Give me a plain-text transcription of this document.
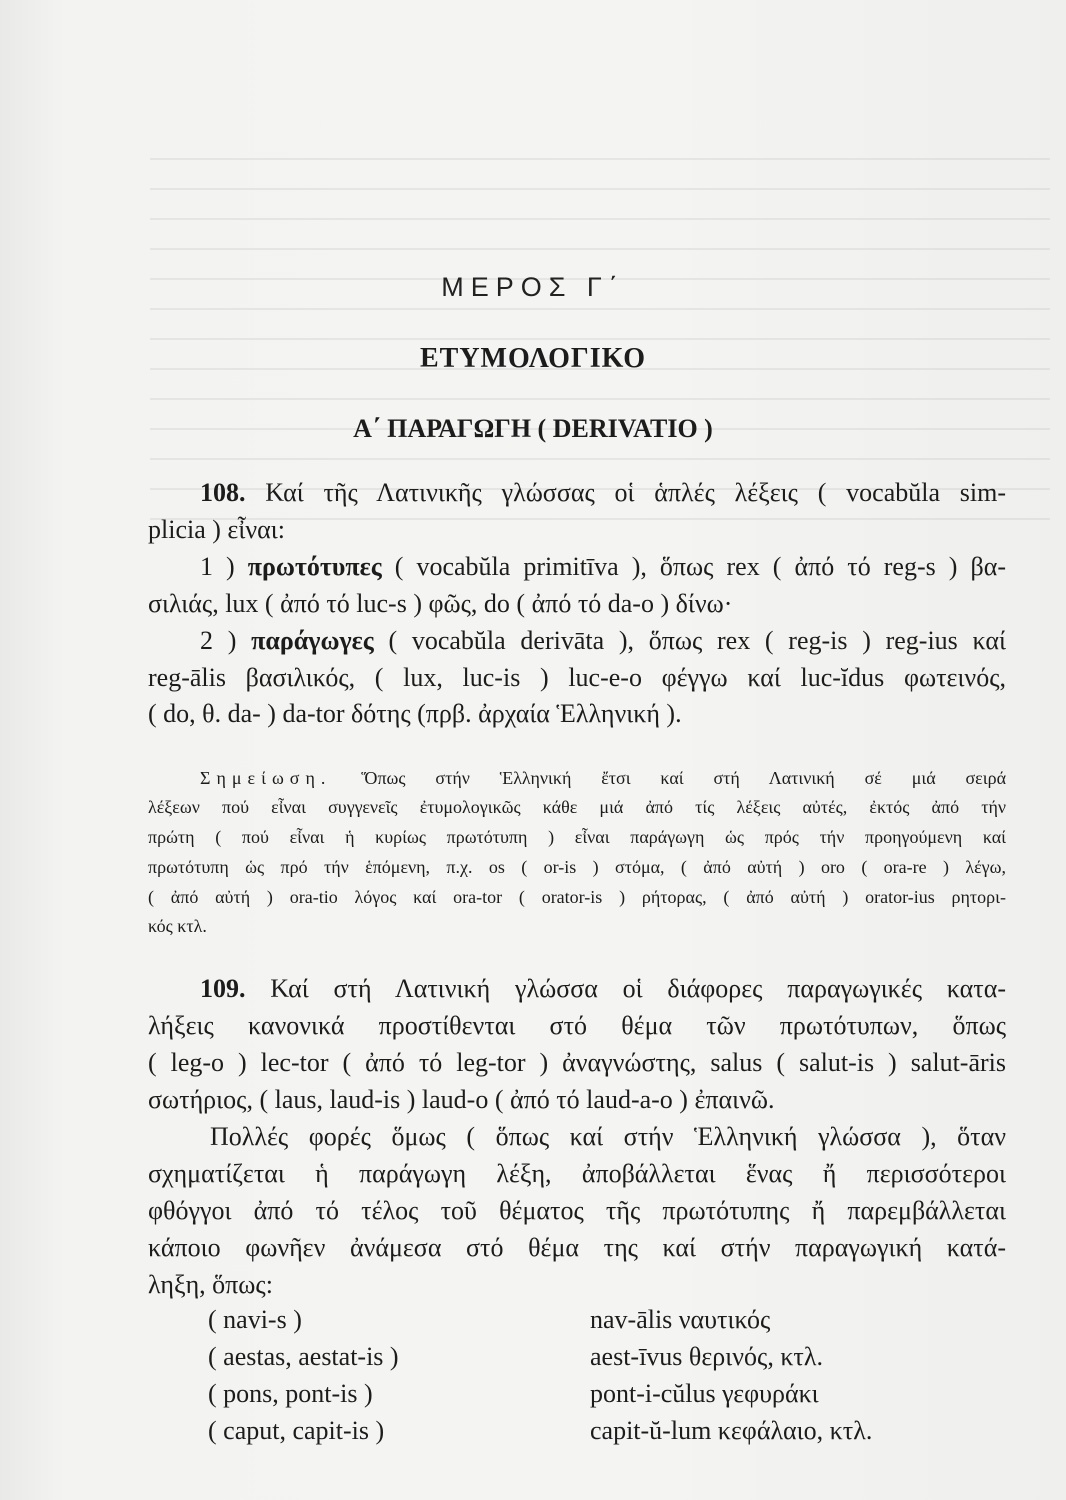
ΜΕΡΟΣ Γ΄
ΕΤΥΜΟΛΟΓΙΚΟ
Α΄ ΠΑΡΑΓΩΓΗ ( DERIVATIO )
108. Καί τῆς Λατινικῆς γλώσσας οἱ ἁπλές λέξεις ( vocabŭla sim-
plicia ) εἶναι:
1 ) πρωτότυπες ( vocabŭla primitīva ), ὅπως rex ( ἀπό τό reg-s ) βα-
σιλιάς, lux ( ἀπό τό luc-s ) φῶς, do ( ἀπό τό da-o ) δίνω·
2 ) παράγωγες ( vocabŭla derivāta ), ὅπως rex ( reg-is ) reg-ius καί
reg-ālis βασιλικός, ( lux, luc-is ) luc-e-o φέγγω καί luc-ĭdus φωτεινός,
( do, θ. da- ) da-tor δότης (πρβ. ἀρχαία Ἑλληνική ).
Σημείωση. Ὅπως στήν Ἑλληνική ἔτσι καί στή Λατινική σέ μιά σειρά
λέξεων πού εἶναι συγγενεῖς ἐτυμολογικῶς κάθε μιά ἀπό τίς λέξεις αὐτές, ἐκτός ἀπό τήν
πρώτη ( πού εἶναι ἡ κυρίως πρωτότυπη ) εἶναι παράγωγη ὡς πρός τήν προηγούμενη καί
πρωτότυπη ὡς πρό τήν ἑπόμενη, π.χ. os ( or-is ) στόμα, ( ἀπό αὐτή ) oro ( ora-re ) λέγω,
( ἀπό αὐτή ) ora-tio λόγος καί ora-tor ( orator-is ) ρήτορας, ( ἀπό αὐτή ) orator-ius ρητορι-
κός κτλ.
109. Καί στή Λατινική γλώσσα οἱ διάφορες παραγωγικές κατα-
λήξεις κανονικά προστίθενται στό θέμα τῶν πρωτότυπων, ὅπως
( leg-o ) lec-tor ( ἀπό τό leg-tor ) ἀναγνώστης, salus ( salut-is ) salut-āris
σωτήριος, ( laus, laud-is ) laud-o ( ἀπό τό laud-a-o ) ἐπαινῶ.
Πολλές φορές ὅμως ( ὅπως καί στήν Ἑλληνική γλώσσα ), ὅταν
σχηματίζεται ἡ παράγωγη λέξη, ἀποβάλλεται ἕνας ἤ περισσότεροι
φθόγγοι ἀπό τό τέλος τοῦ θέματος τῆς πρωτότυπης ἤ παρεμβάλλεται
κάποιο φωνῆεν ἀνάμεσα στό θέμα της καί στήν παραγωγική κατά-
ληξη, ὅπως:
( navi-s )	nav-ālis ναυτικός
( aestas, aestat-is )	aest-īvus θερινός, κτλ.
( pons, pont-is )	pont-i-cŭlus γεφυράκι
( caput, capit-is )	capit-ŭ-lum κεφάλαιο, κτλ.
